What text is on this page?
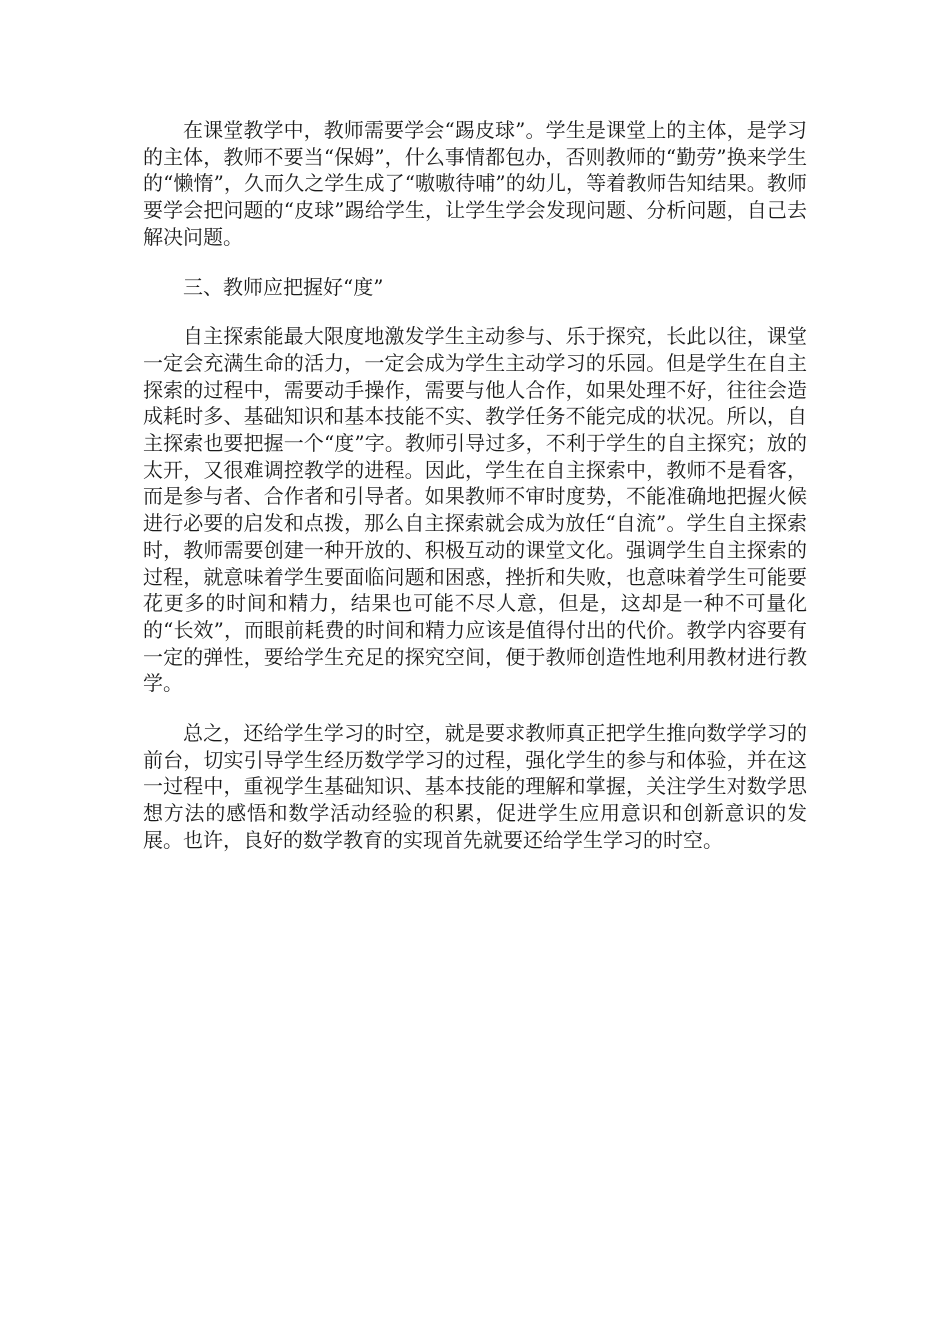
在课堂教学中，教师需要学会“踢皮球”。学生是课堂上的主体，是学习的主体，教师不要当“保姆”，什么事情都包办，否则教师的“勤劳”换来学生的“懒惰”，久而久之学生成了“嗷嗷待哺”的幼儿，等着教师告知结果。教师要学会把问题的“皮球”踢给学生，让学生学会发现问题、分析问题，自己去解决问题。

三、教师应把握好“度”

自主探索能最大限度地激发学生主动参与、乐于探究，长此以往，课堂一定会充满生命的活力，一定会成为学生主动学习的乐园。但是学生在自主探索的过程中，需要动手操作，需要与他人合作，如果处理不好，往往会造成耗时多、基础知识和基本技能不实、教学任务不能完成的状况。所以，自主探索也要把握一个“度”字。教师引导过多，不利于学生的自主探究；放的太开，又很难调控教学的进程。因此，学生在自主探索中，教师不是看客，而是参与者、合作者和引导者。如果教师不审时度势，不能准确地把握火候进行必要的启发和点拨，那么自主探索就会成为放任“自流”。学生自主探索时，教师需要创建一种开放的、积极互动的课堂文化。强调学生自主探索的过程，就意味着学生要面临问题和困惑，挫折和失败，也意味着学生可能要花更多的时间和精力，结果也可能不尽人意，但是，这却是一种不可量化的“长效”，而眼前耗费的时间和精力应该是值得付出的代价。教学内容要有一定的弹性，要给学生充足的探究空间，便于教师创造性地利用教材进行教学。

总之，还给学生学习的时空，就是要求教师真正把学生推向数学学习的前台，切实引导学生经历数学学习的过程，强化学生的参与和体验，并在这一过程中，重视学生基础知识、基本技能的理解和掌握，关注学生对数学思想方法的感悟和数学活动经验的积累，促进学生应用意识和创新意识的发展。也许，良好的数学教育的实现首先就要还给学生学习的时空。
